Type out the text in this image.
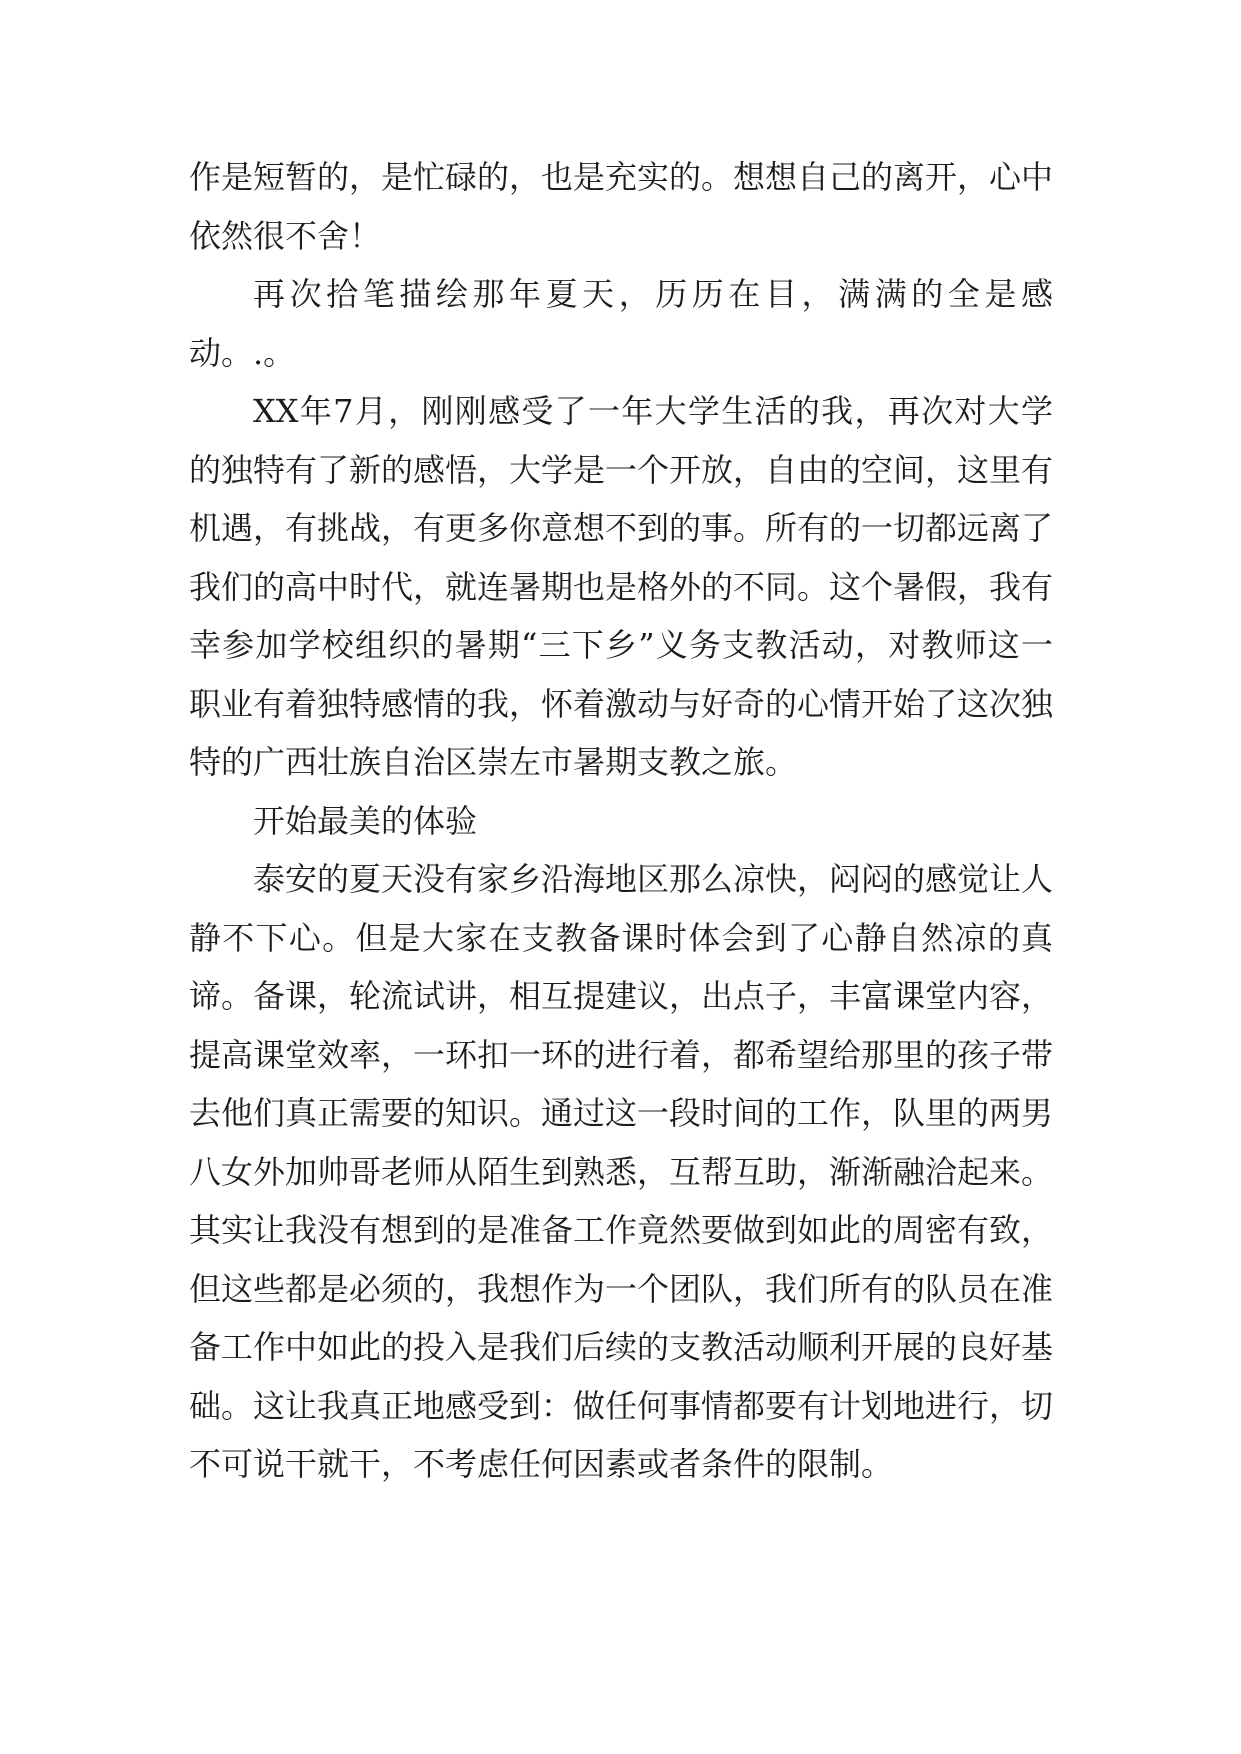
作是短暂的，是忙碌的，也是充实的。想想自己的离开，心中依然很不舍！

再次拾笔描绘那年夏天，历历在目，满满的全是感动。.。

XX年7月，刚刚感受了一年大学生活的我，再次对大学的独特有了新的感悟，大学是一个开放，自由的空间，这里有机遇，有挑战，有更多你意想不到的事。所有的一切都远离了我们的高中时代，就连暑期也是格外的不同。这个暑假，我有幸参加学校组织的暑期“三下乡”义务支教活动，对教师这一职业有着独特感情的我，怀着激动与好奇的心情开始了这次独特的广西壮族自治区崇左市暑期支教之旅。

开始最美的体验

泰安的夏天没有家乡沿海地区那么凉快，闷闷的感觉让人静不下心。但是大家在支教备课时体会到了心静自然凉的真谛。备课，轮流试讲，相互提建议，出点子，丰富课堂内容，提高课堂效率，一环扣一环的进行着，都希望给那里的孩子带去他们真正需要的知识。通过这一段时间的工作，队里的两男八女外加帅哥老师从陌生到熟悉，互帮互助，渐渐融洽起来。其实让我没有想到的是准备工作竟然要做到如此的周密有致，但这些都是必须的，我想作为一个团队，我们所有的队员在准备工作中如此的投入是我们后续的支教活动顺利开展的良好基础。这让我真正地感受到：做任何事情都要有计划地进行，切不可说干就干，不考虑任何因素或者条件的限制。
